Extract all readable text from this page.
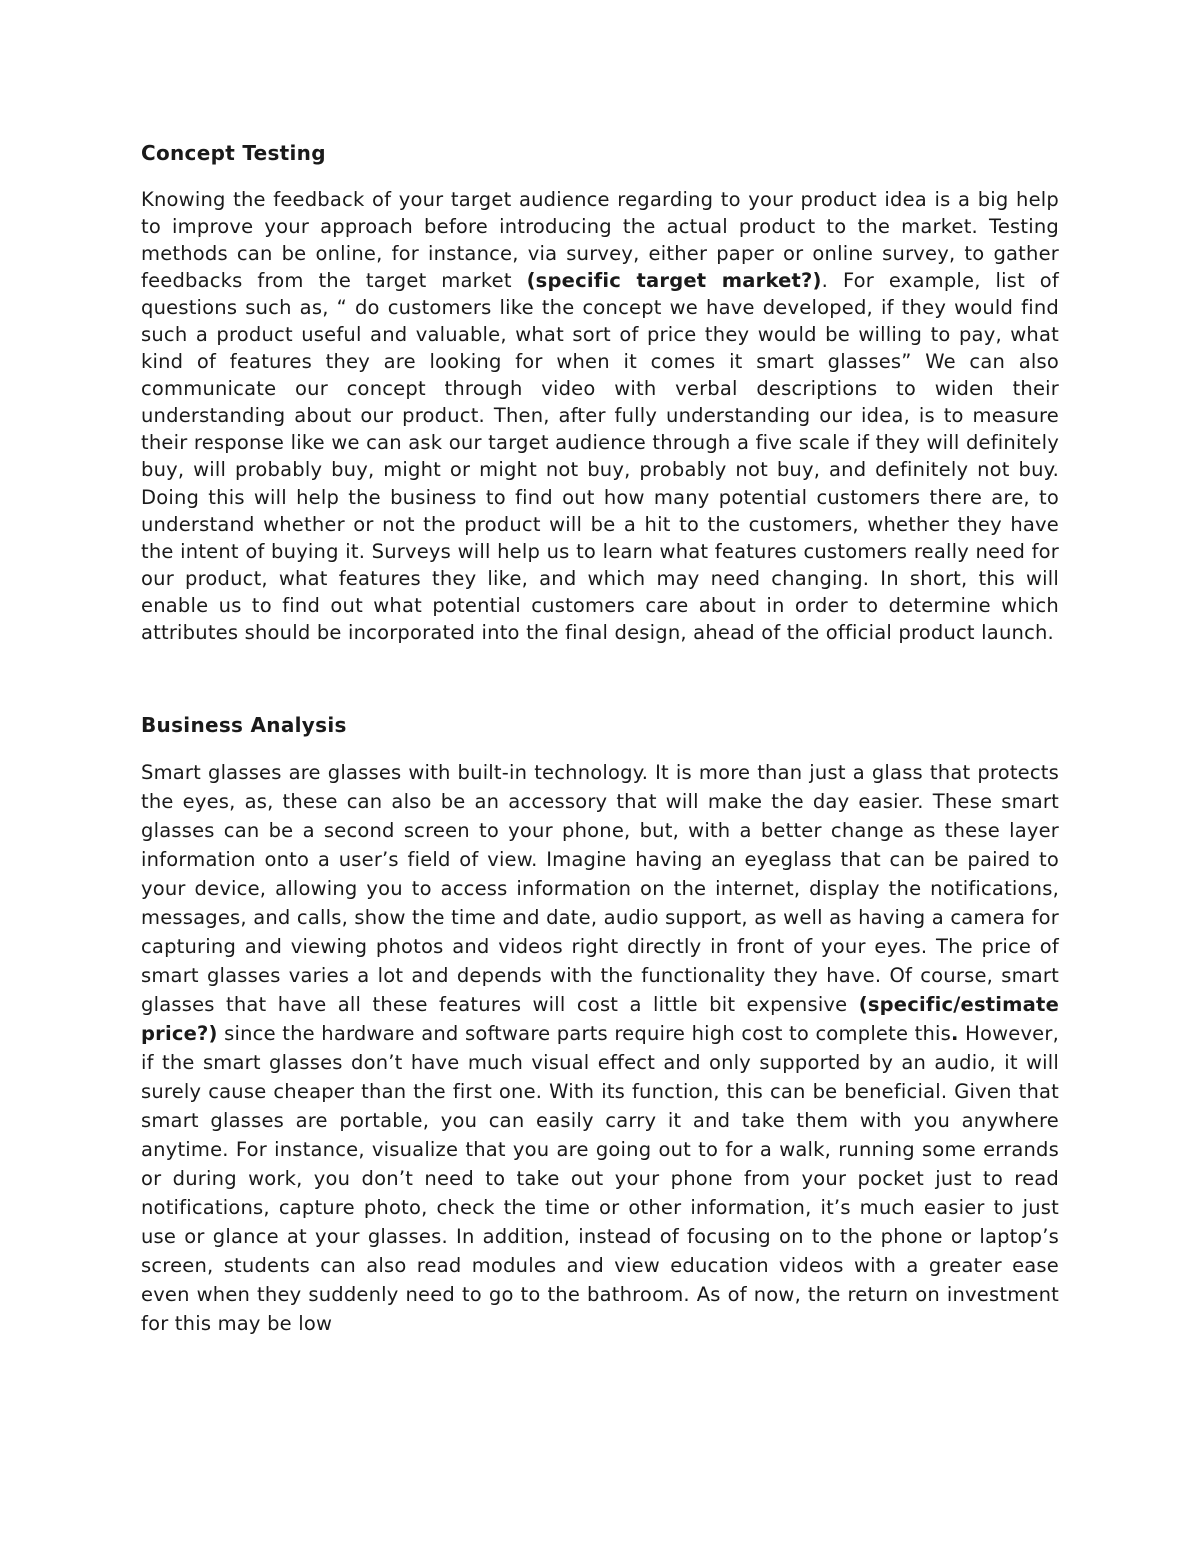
Concept Testing

Knowing the feedback of your target audience regarding to your product idea is a big help to improve your approach before introducing the actual product to the market. Testing methods can be online, for instance, via survey, either paper or online survey, to gather feedbacks from the target market (specific target market?). For example, list of questions such as, “ do customers like the concept we have developed, if they would find such a product useful and valuable, what sort of price they would be willing to pay, what kind of features they are looking for when it comes it smart glasses” We can also communicate our concept through video with verbal descriptions to widen their understanding about our product. Then, after fully understanding our idea, is to measure their response like we can ask our target audience through a five scale if they will definitely buy, will probably buy, might or might not buy, probably not buy, and definitely not buy. Doing this will help the business to find out how many potential customers there are, to understand whether or not the product will be a hit to the customers, whether they have the intent of buying it. Surveys will help us to learn what features customers really need for our product, what features they like, and which may need changing. In short, this will enable us to find out what potential customers care about in order to determine which attributes should be incorporated into the final design, ahead of the official product launch.

Business Analysis

Smart glasses are glasses with built-in technology. It is more than just a glass that protects the eyes, as, these can also be an accessory that will make the day easier. These smart glasses can be a second screen to your phone, but, with a better change as these layer information onto a user’s field of view. Imagine having an eyeglass that can be paired to your device, allowing you to access information on the internet, display the notifications, messages, and calls, show the time and date, audio support, as well as having a camera for capturing and viewing photos and videos right directly in front of your eyes. The price of smart glasses varies a lot and depends with the functionality they have. Of course, smart glasses that have all these features will cost a little bit expensive (specific/estimate price?) since the hardware and software parts require high cost to complete this. However, if the smart glasses don’t have much visual effect and only supported by an audio, it will surely cause cheaper than the first one. With its function, this can be beneficial. Given that smart glasses are portable, you can easily carry it and take them with you anywhere anytime. For instance, visualize that you are going out to for a walk, running some errands or during work, you don’t need to take out your phone from your pocket just to read notifications, capture photo, check the time or other information, it’s much easier to just use or glance at your glasses. In addition, instead of focusing on to the phone or laptop’s screen, students can also read modules and view education videos with a greater ease even when they suddenly need to go to the bathroom. As of now, the return on investment for this may be low
